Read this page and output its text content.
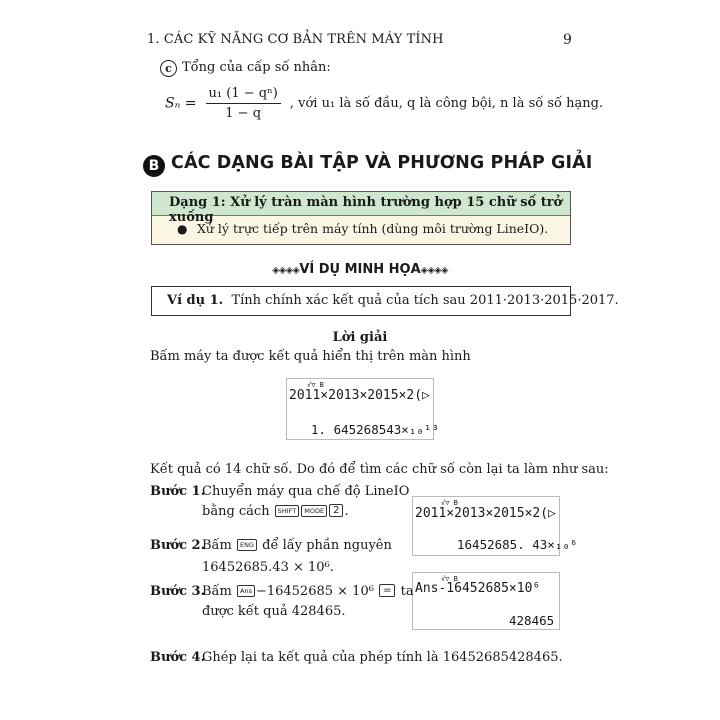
1. CÁC KỸ NĂNG CƠ BẢN TRÊN MÁY TÍNH	9
c Tổng của cấp số nhân:
$S_n = \frac{\text{u₁ (1 − qⁿ)}}{1 - q}$ , với u₁ là số đầu, q là công bội, n là số số hạng.
B CÁC DẠNG BÀI TẬP VÀ PHƯƠNG PHÁP GIẢI
Dạng 1: Xử lý tràn màn hình trường hợp 15 chữ số trở xuống
● Xử lý trực tiếp trên máy tính (dùng môi trường LineIO).
◈◈◈◈VÍ DỤ MINH HỌA◈◈◈◈
Ví dụ 1. Tính chính xác kết quả của tích sau 2011·2013·2015·2017.
Lời giải
Bấm máy ta được kết quả hiển thị trên màn hình
√▽ B
2011×2013×2015×2(▷
1. 645268543×₁₀¹³
Kết quả có 14 chữ số. Do đó để tìm các chữ số còn lại ta làm như sau:
Bước 1.
Chuyển máy qua chế độ LineIO
bằng cách SHIFT MODE 2 .
√▽ B
2011×2013×2015×2(▷
16452685. 43×₁₀⁶
Bước 2.
Bấm ENG để lấy phần nguyên
16452685.43 × 10⁶.
√▽ B
Ans-16452685×10⁶
428465
Bước 3.
Bấm Ans −16452685 × 10⁶ = ta
được kết quả 428465.
Bước 4.
Ghép lại ta kết quả của phép tính là 16452685428465.
